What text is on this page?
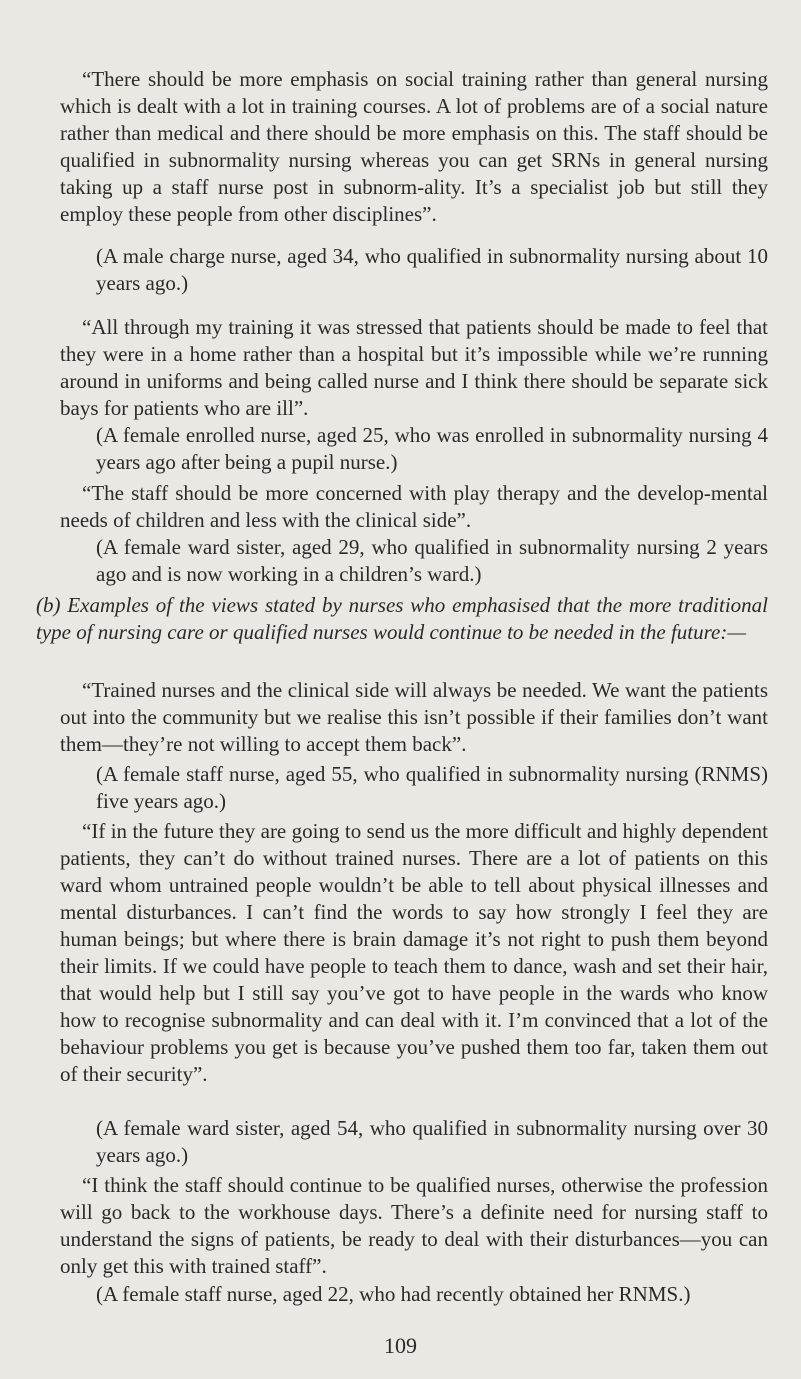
“There should be more emphasis on social training rather than general nursing which is dealt with a lot in training courses. A lot of problems are of a social nature rather than medical and there should be more emphasis on this. The staff should be qualified in subnormality nursing whereas you can get SRNs in general nursing taking up a staff nurse post in subnorm-ality. It’s a specialist job but still they employ these people from other disciplines”.

(A male charge nurse, aged 34, who qualified in subnormality nursing about 10 years ago.)

“All through my training it was stressed that patients should be made to feel that they were in a home rather than a hospital but it’s impossible while we’re running around in uniforms and being called nurse and I think there should be separate sick bays for patients who are ill”.

(A female enrolled nurse, aged 25, who was enrolled in subnormality nursing 4 years ago after being a pupil nurse.)

“The staff should be more concerned with play therapy and the develop-mental needs of children and less with the clinical side”.

(A female ward sister, aged 29, who qualified in subnormality nursing 2 years ago and is now working in a children’s ward.)

(b) Examples of the views stated by nurses who emphasised that the more traditional type of nursing care or qualified nurses would continue to be needed in the future:—

“Trained nurses and the clinical side will always be needed. We want the patients out into the community but we realise this isn’t possible if their families don’t want them—they’re not willing to accept them back”.

(A female staff nurse, aged 55, who qualified in subnormality nursing (RNMS) five years ago.)

“If in the future they are going to send us the more difficult and highly dependent patients, they can’t do without trained nurses. There are a lot of patients on this ward whom untrained people wouldn’t be able to tell about physical illnesses and mental disturbances. I can’t find the words to say how strongly I feel they are human beings; but where there is brain damage it’s not right to push them beyond their limits. If we could have people to teach them to dance, wash and set their hair, that would help but I still say you’ve got to have people in the wards who know how to recognise subnormality and can deal with it. I’m convinced that a lot of the behaviour problems you get is because you’ve pushed them too far, taken them out of their security”.

(A female ward sister, aged 54, who qualified in subnormality nursing over 30 years ago.)

“I think the staff should continue to be qualified nurses, otherwise the profession will go back to the workhouse days. There’s a definite need for nursing staff to understand the signs of patients, be ready to deal with their disturbances—you can only get this with trained staff”.

(A female staff nurse, aged 22, who had recently obtained her RNMS.)

109
